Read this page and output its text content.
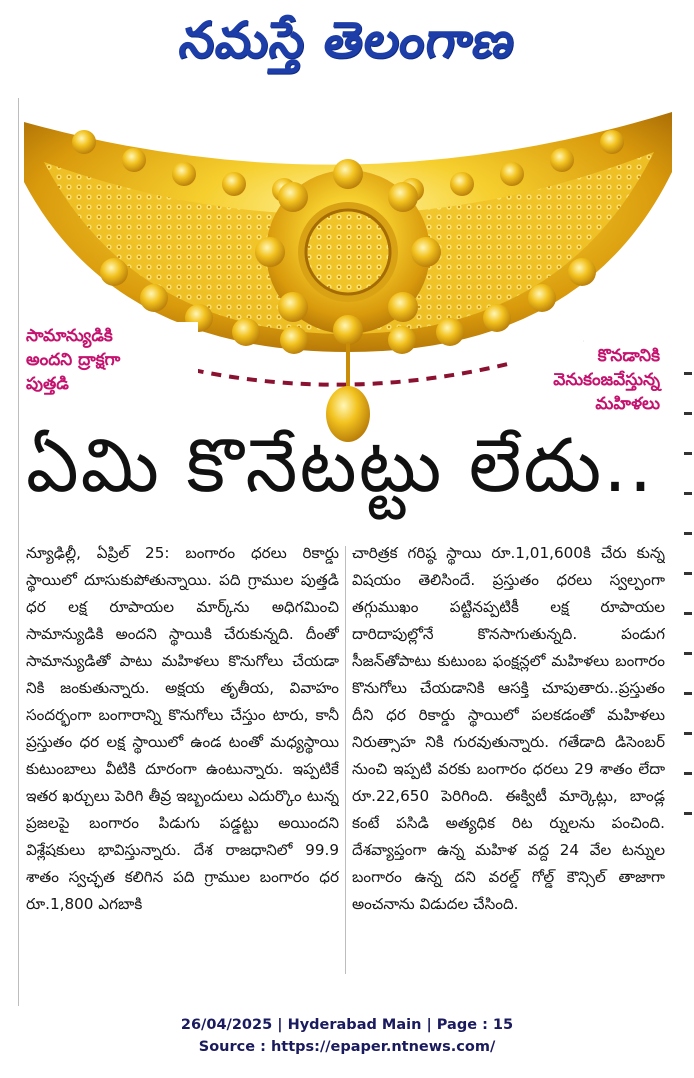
నమస్తే తెలంగాణ
సామాన్యుడికి
అందని ద్రాక్షగా
పుత్తడి
కొనడానికి
వెనుకంజవేస్తున్న
మహిళలు
ఏమి కొనేటట్టు లేదు..

న్యూఢిల్లీ, ఏప్రిల్ 25: బంగారం ధరలు రికార్డు స్థాయిలో దూసుకుపోతున్నాయి. పది గ్రాముల పుత్తడి ధర లక్ష రూపాయల మార్క్‌ను అధిగమించి సామాన్యుడికి అందని స్థాయికి చేరుకున్నది. దీంతో సామాన్యుడితో పాటు మహిళలు కొనుగోలు చేయడా నికి జంకుతున్నారు. అక్షయ తృతీయ, వివాహం సందర్భంగా బంగారాన్ని కొనుగోలు చేస్తుం టారు, కానీ ప్రస్తుతం ధర లక్ష స్థాయిలో ఉండ టంతో మధ్యస్థాయి కుటుంబాలు వీటికి దూరంగా ఉంటున్నారు. ఇప్పటికే ఇతర ఖర్చులు పెరిగి తీవ్ర ఇబ్బందులు ఎదుర్కొం టున్న ప్రజలపై బంగారం పిడుగు పడ్డట్టు అయిందని విశ్లేషకులు భావిస్తున్నారు. దేశ రాజధానిలో 99.9 శాతం స్వచ్ఛత కలిగిన పది గ్రాముల బంగారం ధర రూ.1,800 ఎగబాకి

చారిత్రక గరిష్ఠ స్థాయి రూ.1,01,600కి చేరు కున్న విషయం తెలిసిందే. ప్రస్తుతం ధరలు స్వల్పంగా తగ్గుముఖం పట్టినప్పటికీ లక్ష రూపాయల దారిదాపుల్లోనే కొనసాగుతున్నది. పండుగ సీజన్‌తోపాటు కుటుంబ ఫంక్షన్లలో మహిళలు బంగారం కొనుగోలు చేయడానికి ఆసక్తి చూపుతారు..ప్రస్తుతం దీని ధర రికార్డు స్థాయిలో పలకడంతో మహిళలు నిరుత్సాహ నికి గురవుతున్నారు. గతేడాది డిసెంబర్ నుంచి ఇప్పటి వరకు బంగారం ధరలు 29 శాతం లేదా రూ.22,650 పెరిగింది. ఈక్విటీ మార్కెట్లు, బాండ్ల కంటే పసిడి అత్యధిక రిట ర్నులను పంచింది. దేశవ్యాప్తంగా ఉన్న మహిళ వద్ద 24 వేల టన్నుల బంగారం ఉన్న దని వరల్డ్ గోల్డ్ కౌన్సిల్ తాజాగా అంచనాను విడుదల చేసింది.

26/04/2025 | Hyderabad Main | Page : 15
Source : https://epaper.ntnews.com/
